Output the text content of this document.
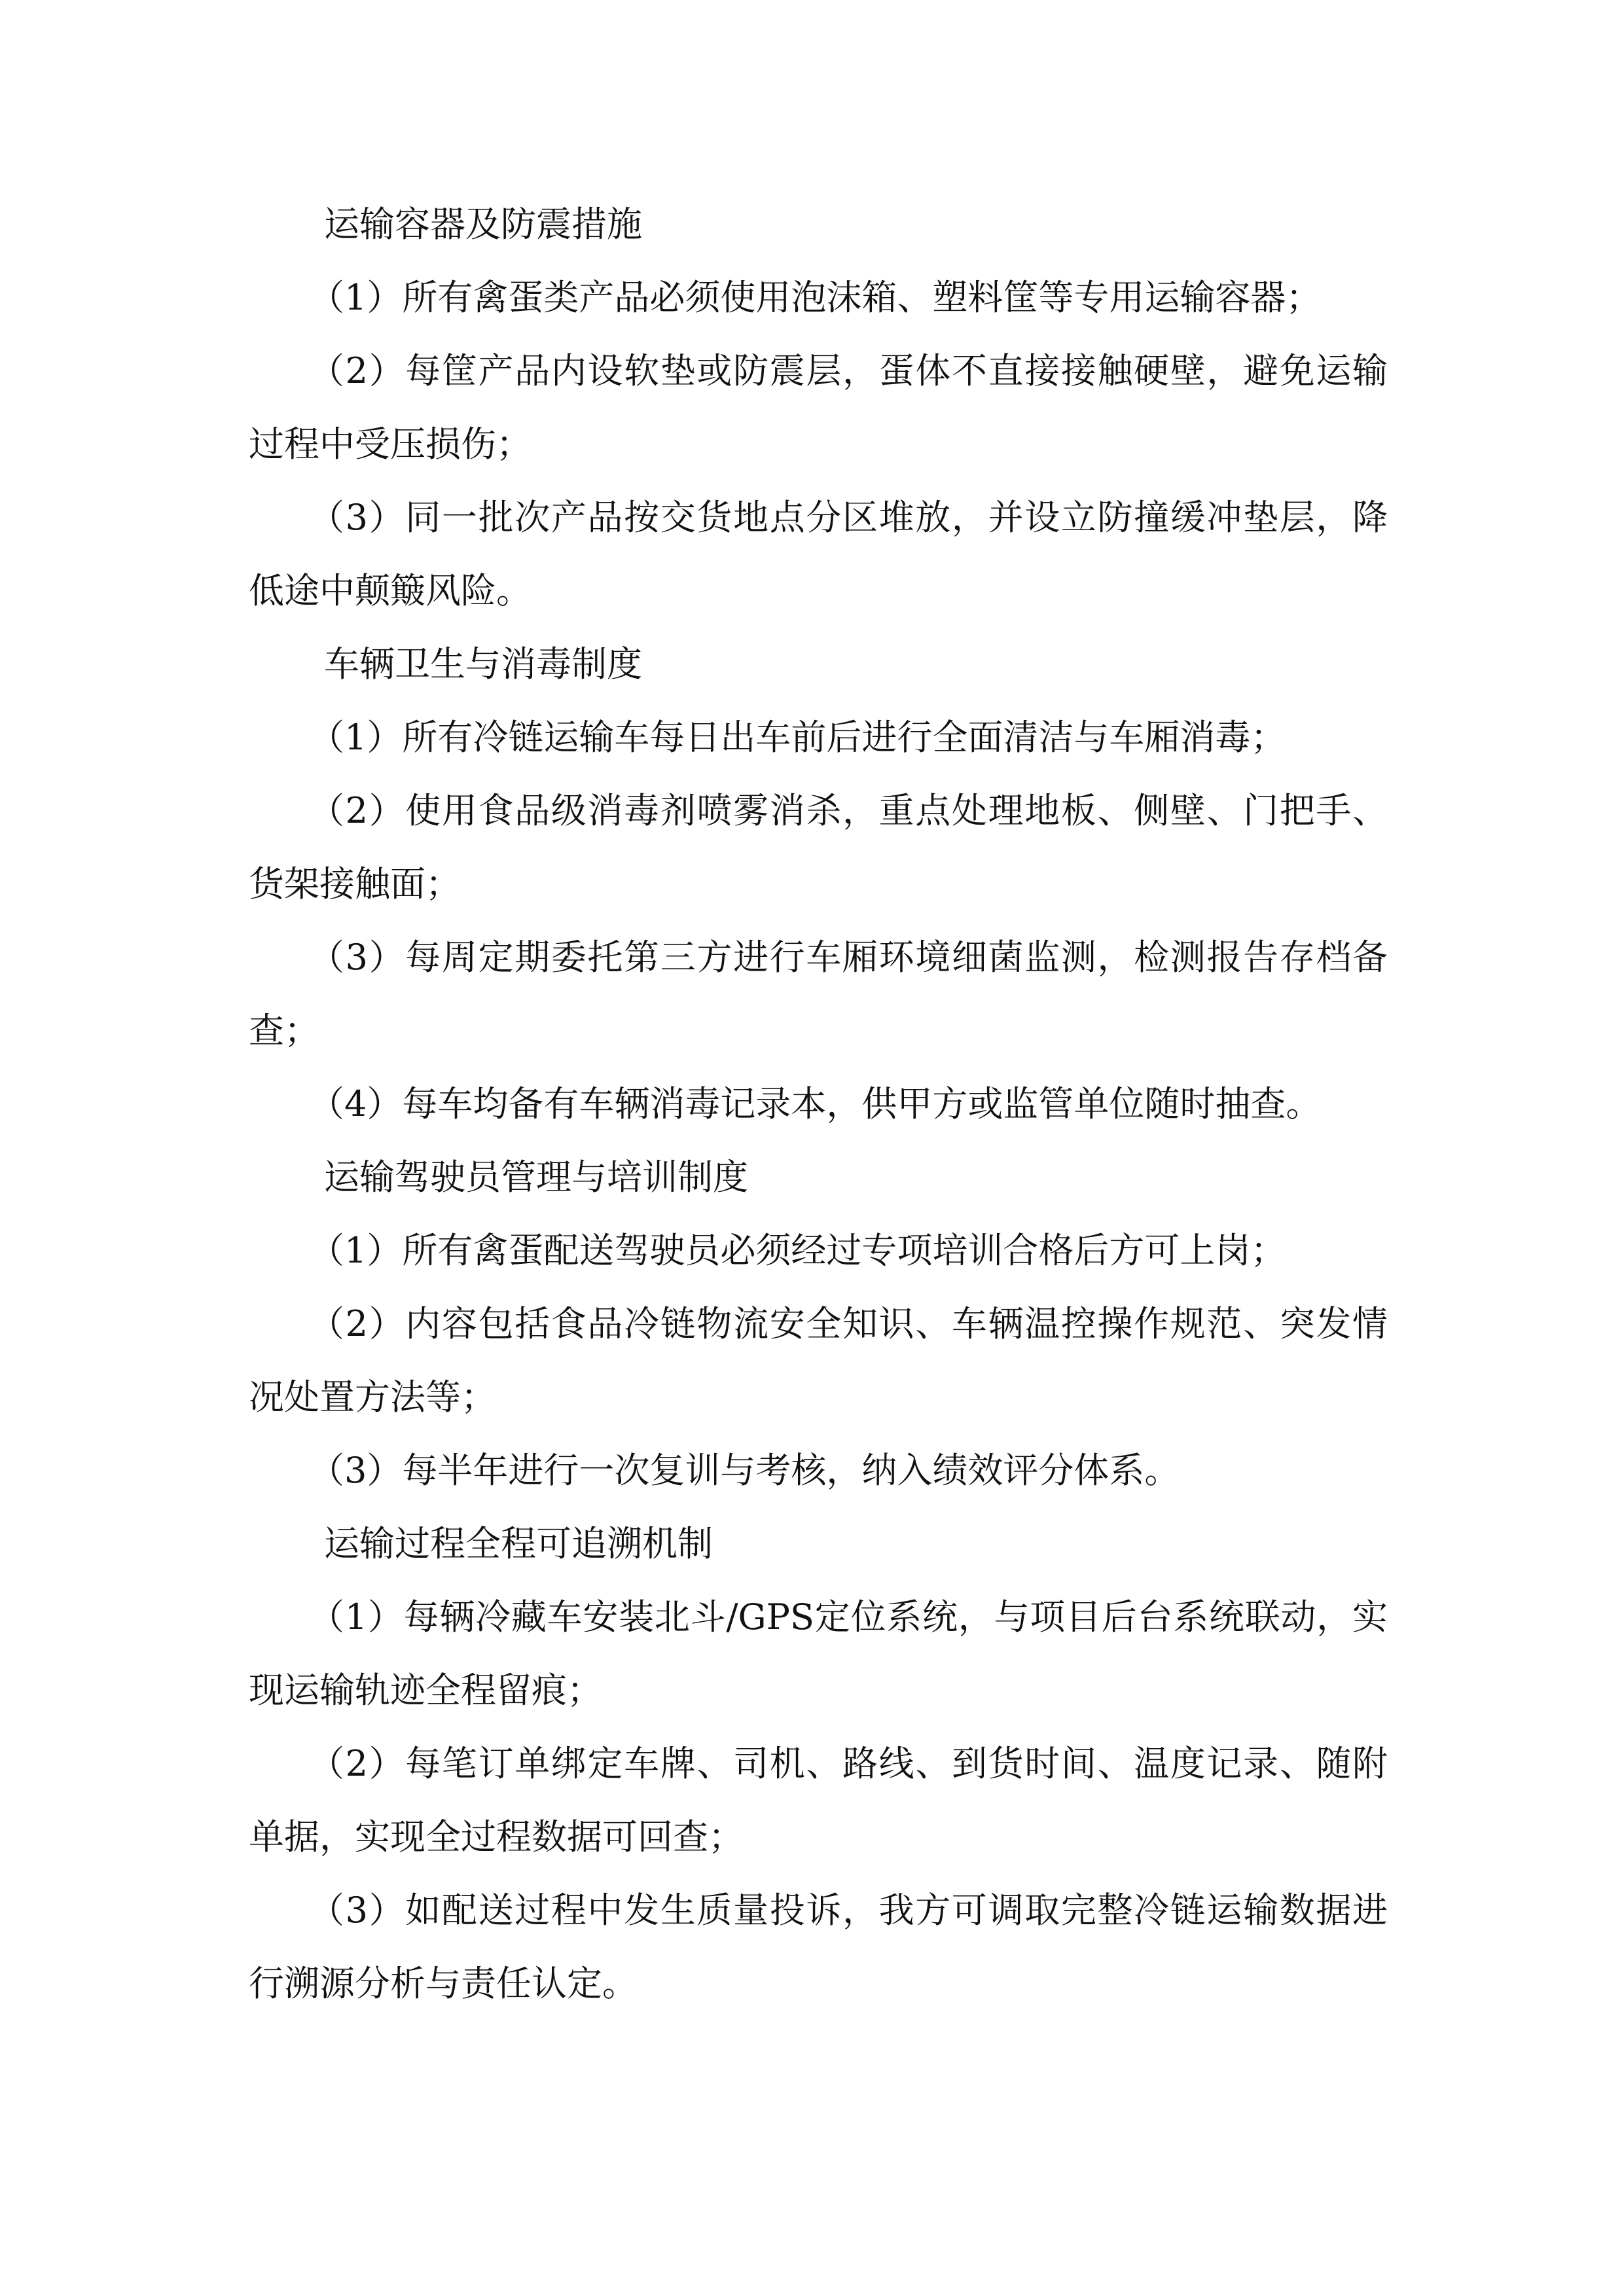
运输容器及防震措施

（1）所有禽蛋类产品必须使用泡沫箱、塑料筐等专用运输容器；

（2）每筐产品内设软垫或防震层，蛋体不直接接触硬壁，避免运输过程中受压损伤；

（3）同一批次产品按交货地点分区堆放，并设立防撞缓冲垫层，降低途中颠簸风险。

车辆卫生与消毒制度

（1）所有冷链运输车每日出车前后进行全面清洁与车厢消毒；

（2）使用食品级消毒剂喷雾消杀，重点处理地板、侧壁、门把手、货架接触面；

（3）每周定期委托第三方进行车厢环境细菌监测，检测报告存档备查；

（4）每车均备有车辆消毒记录本，供甲方或监管单位随时抽查。

运输驾驶员管理与培训制度

（1）所有禽蛋配送驾驶员必须经过专项培训合格后方可上岗；

（2）内容包括食品冷链物流安全知识、车辆温控操作规范、突发情况处置方法等；

（3）每半年进行一次复训与考核，纳入绩效评分体系。

运输过程全程可追溯机制

（1）每辆冷藏车安装北斗/GPS定位系统，与项目后台系统联动，实现运输轨迹全程留痕；

（2）每笔订单绑定车牌、司机、路线、到货时间、温度记录、随附单据，实现全过程数据可回查；

（3）如配送过程中发生质量投诉，我方可调取完整冷链运输数据进行溯源分析与责任认定。
